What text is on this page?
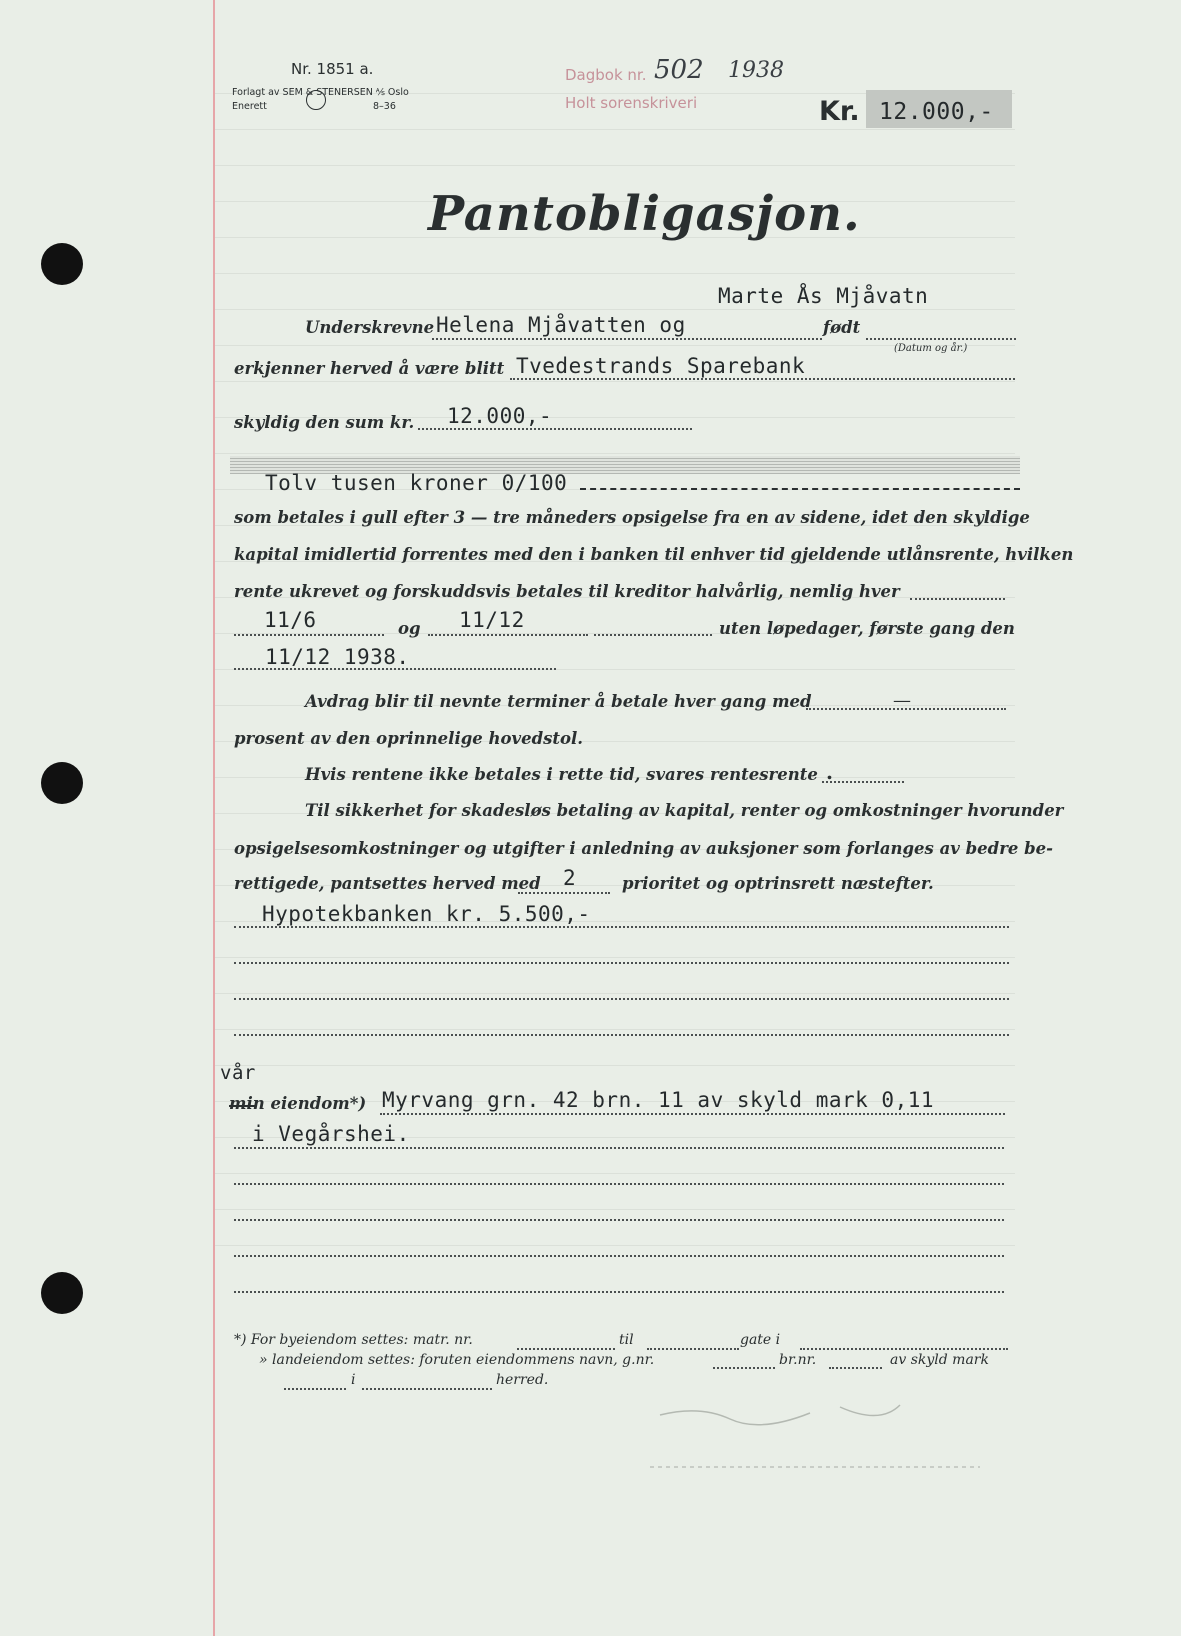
Nr. 1851 a.
Forlagt av SEM & STENERSEN ⅍ Oslo
Enerett	8–36
Dagbok nr. 502 1938
Holt sorenskriveri	Kr. 12.000,-
Pantobligasjon.
Marte Ås Mjåvatn
Underskrevne Helena Mjåvatten og	født
(Datum og år.)
erkjenner herved å være blitt Tvedestrands Sparebank
skyldig den sum kr. 12.000,-
Tolv tusen kroner 0/100
som betales i gull efter 3 — tre måneders opsigelse fra en av sidene, idet den skyldige
kapital imidlertid forrentes med den i banken til enhver tid gjeldende utlånsrente, hvilken
rente ukrevet og forskuddsvis betales til kreditor halvårlig, nemlig hver
11/6	og 11/12	uten løpedager, første gang den
11/12 1938.
Avdrag blir til nevnte terminer å betale hver gang med	—
prosent av den oprinnelige hovedstol.
Hvis rentene ikke betales i rette tid, svares rentesrente .
Til sikkerhet for skadesløs betaling av kapital, renter og omkostninger hvorunder
opsigelsesomkostninger og utgifter i anledning av auksjoner som forlanges av bedre be-
rettigede, pantsettes herved med 2	prioritet og optrinsrett næstefter.
Hypotekbanken kr. 5.500,-
vår
min eiendom*) Myrvang grn. 42 brn. 11 av skyld mark 0,11
i Vegårshei.
*) For byeiendom settes: matr. nr.	til	gate i
» landeiendom settes: foruten eiendommens navn, g.nr.	br.nr.	av skyld mark
i	herred.
